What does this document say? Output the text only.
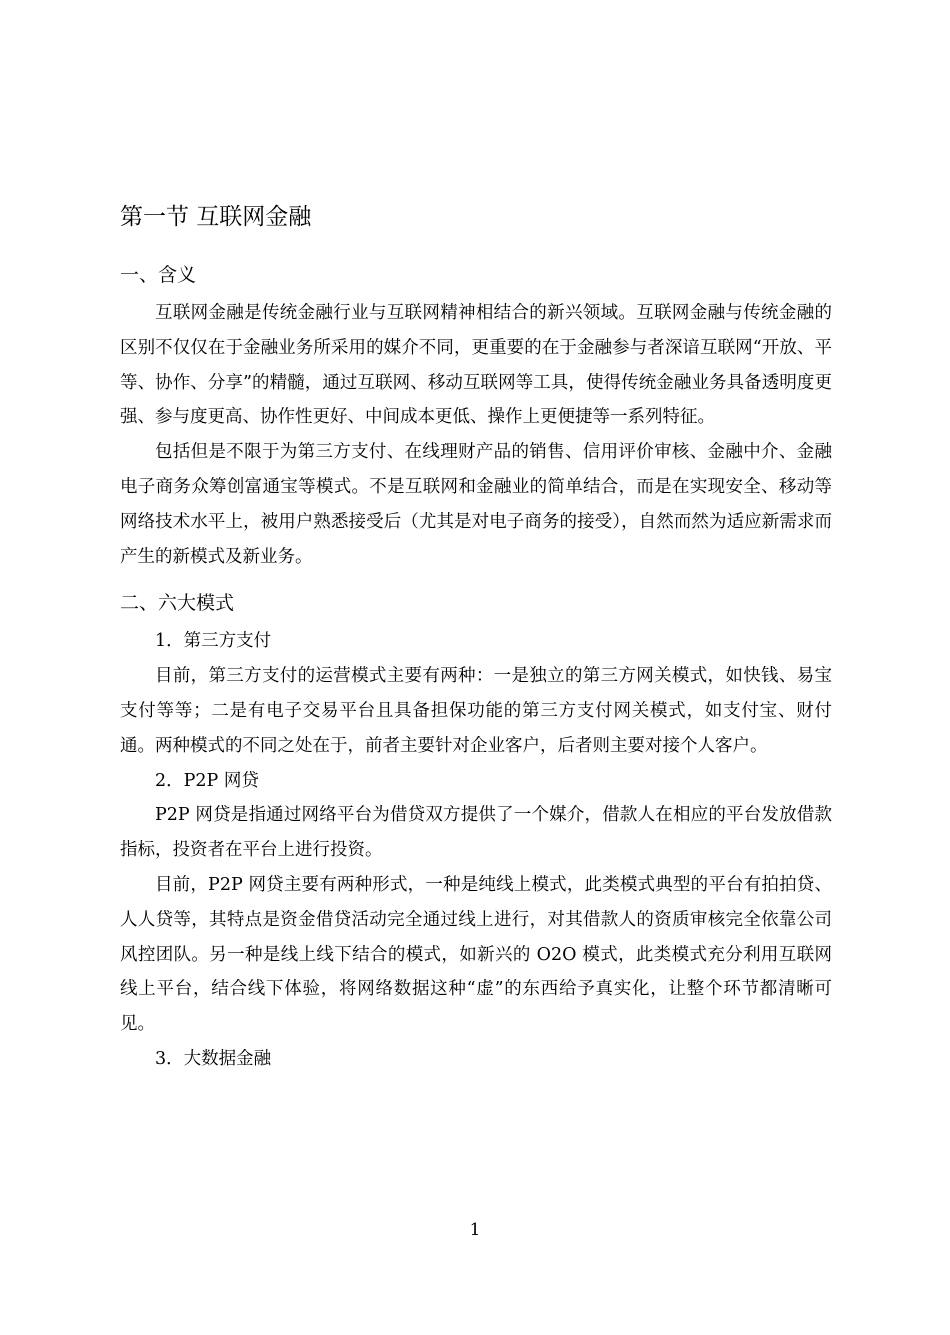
第一节 互联网金融
一、含义

互联网金融是传统金融行业与互联网精神相结合的新兴领域。互联网金融与传统金融的区别不仅仅在于金融业务所采用的媒介不同，更重要的在于金融参与者深谙互联网“开放、平等、协作、分享”的精髓，通过互联网、移动互联网等工具，使得传统金融业务具备透明度更强、参与度更高、协作性更好、中间成本更低、操作上更便捷等一系列特征。

包括但是不限于为第三方支付、在线理财产品的销售、信用评价审核、金融中介、金融电子商务众筹创富通宝等模式。不是互联网和金融业的简单结合，而是在实现安全、移动等网络技术水平上，被用户熟悉接受后（尤其是对电子商务的接受），自然而然为适应新需求而产生的新模式及新业务。

二、六大模式

1．第三方支付

目前，第三方支付的运营模式主要有两种：一是独立的第三方网关模式，如快钱、易宝支付等等；二是有电子交易平台且具备担保功能的第三方支付网关模式，如支付宝、财付通。两种模式的不同之处在于，前者主要针对企业客户，后者则主要对接个人客户。

2．P2P 网贷

P2P 网贷是指通过网络平台为借贷双方提供了一个媒介，借款人在相应的平台发放借款指标，投资者在平台上进行投资。

目前，P2P 网贷主要有两种形式，一种是纯线上模式，此类模式典型的平台有拍拍贷、人人贷等，其特点是资金借贷活动完全通过线上进行，对其借款人的资质审核完全依靠公司风控团队。另一种是线上线下结合的模式，如新兴的 O2O 模式，此类模式充分利用互联网线上平台，结合线下体验，将网络数据这种“虚”的东西给予真实化，让整个环节都清晰可见。

3．大数据金融

1
